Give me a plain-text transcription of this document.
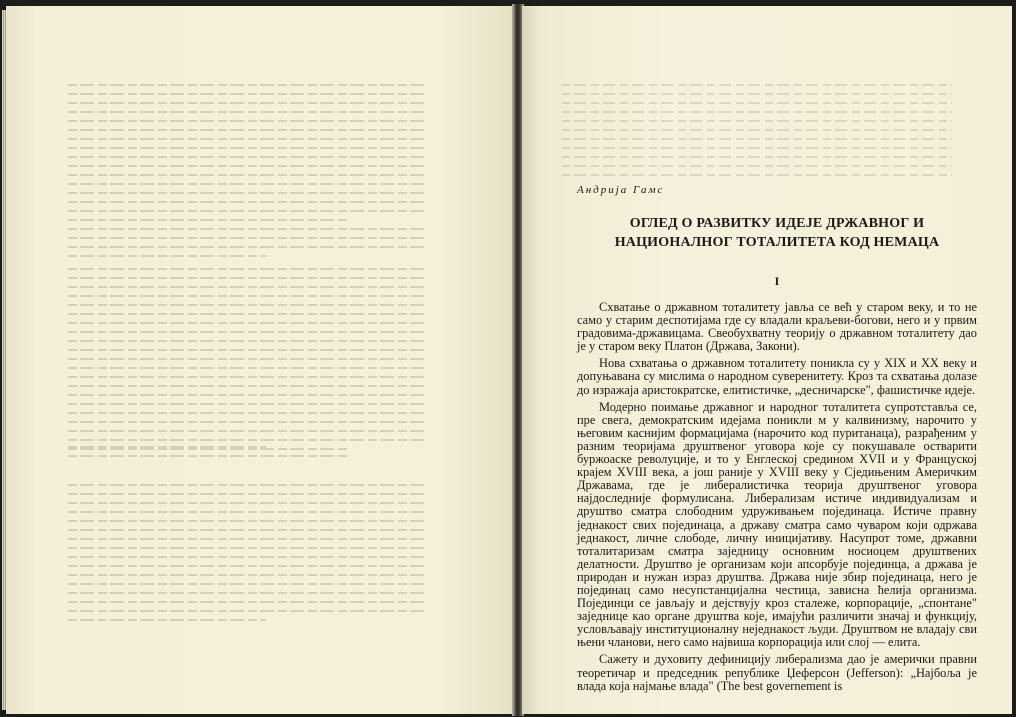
Андрија Гамс

ОГЛЕД О РАЗВИТКУ ИДЕЈЕ ДРЖАВНОГ И НАЦИОНАЛНОГ ТОТАЛИТЕТА КОД НЕМАЦА

I

Схватање о државном тоталитету јавља се већ у старом веку, и то не само у старим деспотијама где су владали краљеви-богови, него и у првим градовима-државицама. Свеобухватну теорију о државном тоталитету дао је у старом веку Платон (Држава, Закони).

Нова схватања о државном тоталитету поникла су у XIX и XX веку и допуњавана су мислима о народном суверенитету. Кроз та схватања долазе до изражаја аристократске, елитистичке, „десничарске", фашистичке идеје.

Модерно поимање државног и народног тоталитета супротставља се, пре свега, демократским идејама поникли м у калвинизму, нарочито у његовим каснијим формацијама (нарочито код пуританаца), разрађеним у разним теоријама друштвеног уговора које су покушавале остварити буржоаске револуције, и то у Енглеској средином XVII и у Француској крајем XVIII века, а још раније у XVIII веку у Сједињеним Америчким Државама, где је либералистичка теорија друштвеног уговора најдоследније формулисана. Либерализам истиче индивидуализам и друштво сматра слободним удруживањем појединаца. Истиче правну једнакост свих појединаца, а државу сматра само чуваром који одржава једнакост, личне слободе, личну иницијативу. Насупрот томе, државни тоталитаризам сматра заједницу основним носиоцем друштвених делатности. Друштво је организам који апсорбује појединца, а држава је природан и нужан израз друштва. Држава није збир појединаца, него је појединац само несупстанцијална честица, зависна ћелија организма. Појединци се јављају и дејствују кроз сталеже, корпорације, „спонтане" заједнице као органе друштва које, имајући различити значај и функцију, условљавају институционалну неједнакост људи. Друштвом не владају сви њени чланови, него само највиша корпорација или слој — елита.

Сажету и духовиту дефиницију либерализма дао је амерички правни теоретичар и председник републике Џеферсон (Jefferson): „Најбоља је влада која најмање влада" (The best governement is
